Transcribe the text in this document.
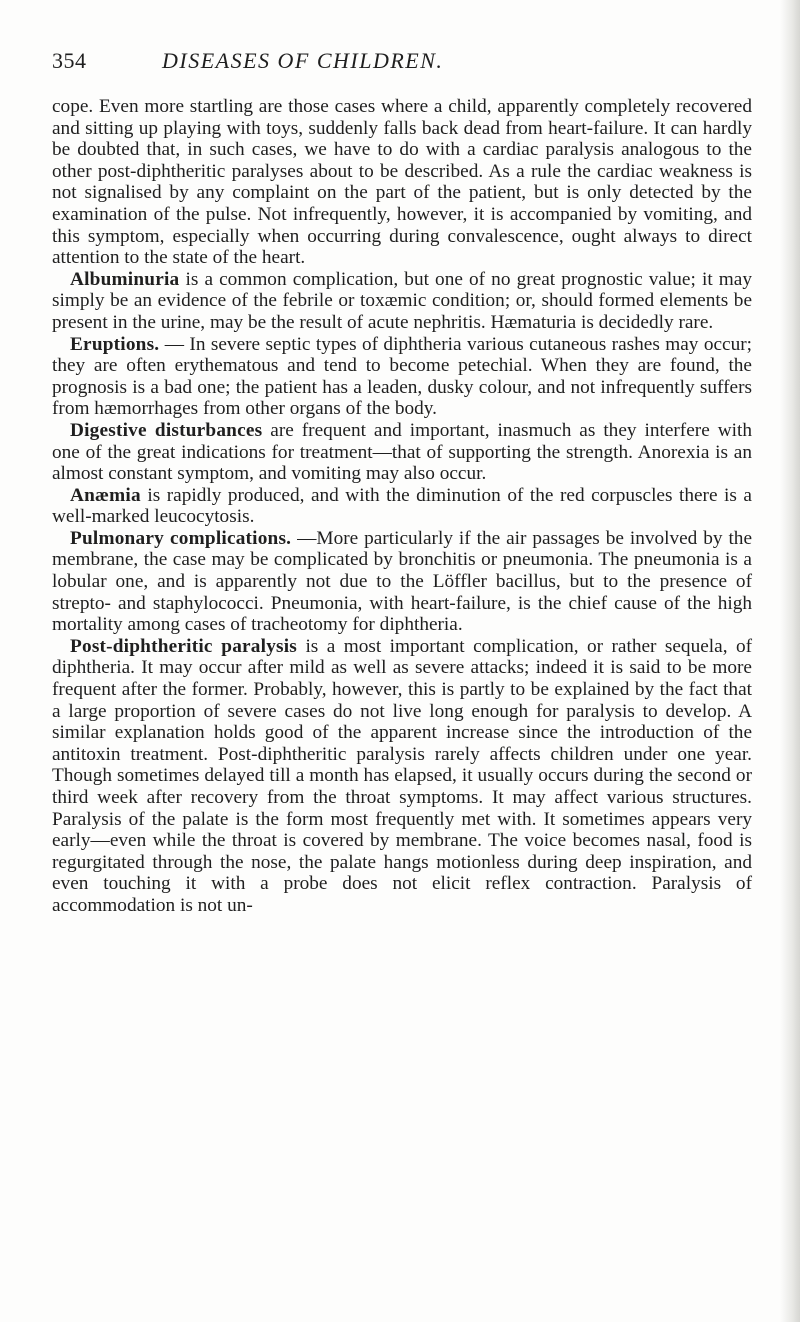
354	DISEASES OF CHILDREN.

cope. Even more startling are those cases where a child, apparently completely recovered and sitting up playing with toys, suddenly falls back dead from heart-failure. It can hardly be doubted that, in such cases, we have to do with a cardiac paralysis analogous to the other post-diphtheritic paralyses about to be described. As a rule the cardiac weakness is not signalised by any complaint on the part of the patient, but is only detected by the examination of the pulse. Not infrequently, however, it is accompanied by vomiting, and this symptom, especially when occurring during convalescence, ought always to direct attention to the state of the heart.

Albuminuria is a common complication, but one of no great prognostic value; it may simply be an evidence of the febrile or toxæmic condition; or, should formed elements be present in the urine, may be the result of acute nephritis. Hæmaturia is decidedly rare.

Eruptions. — In severe septic types of diphtheria various cutaneous rashes may occur; they are often erythematous and tend to become petechial. When they are found, the prognosis is a bad one; the patient has a leaden, dusky colour, and not infrequently suffers from hæmorrhages from other organs of the body.

Digestive disturbances are frequent and important, inasmuch as they interfere with one of the great indications for treatment—that of supporting the strength. Anorexia is an almost constant symptom, and vomiting may also occur.

Anæmia is rapidly produced, and with the diminution of the red corpuscles there is a well-marked leucocytosis.

Pulmonary complications. —More particularly if the air passages be involved by the membrane, the case may be complicated by bronchitis or pneumonia. The pneumonia is a lobular one, and is apparently not due to the Löffler bacillus, but to the presence of strepto- and staphylococci. Pneumonia, with heart-failure, is the chief cause of the high mortality among cases of tracheotomy for diphtheria.

Post-diphtheritic paralysis is a most important complication, or rather sequela, of diphtheria. It may occur after mild as well as severe attacks; indeed it is said to be more frequent after the former. Probably, however, this is partly to be explained by the fact that a large proportion of severe cases do not live long enough for paralysis to develop. A similar explanation holds good of the apparent increase since the introduction of the antitoxin treatment. Post-diphtheritic paralysis rarely affects children under one year. Though sometimes delayed till a month has elapsed, it usually occurs during the second or third week after recovery from the throat symptoms. It may affect various structures. Paralysis of the palate is the form most frequently met with. It sometimes appears very early—even while the throat is covered by membrane. The voice becomes nasal, food is regurgitated through the nose, the palate hangs motionless during deep inspiration, and even touching it with a probe does not elicit reflex contraction. Paralysis of accommodation is not un-
